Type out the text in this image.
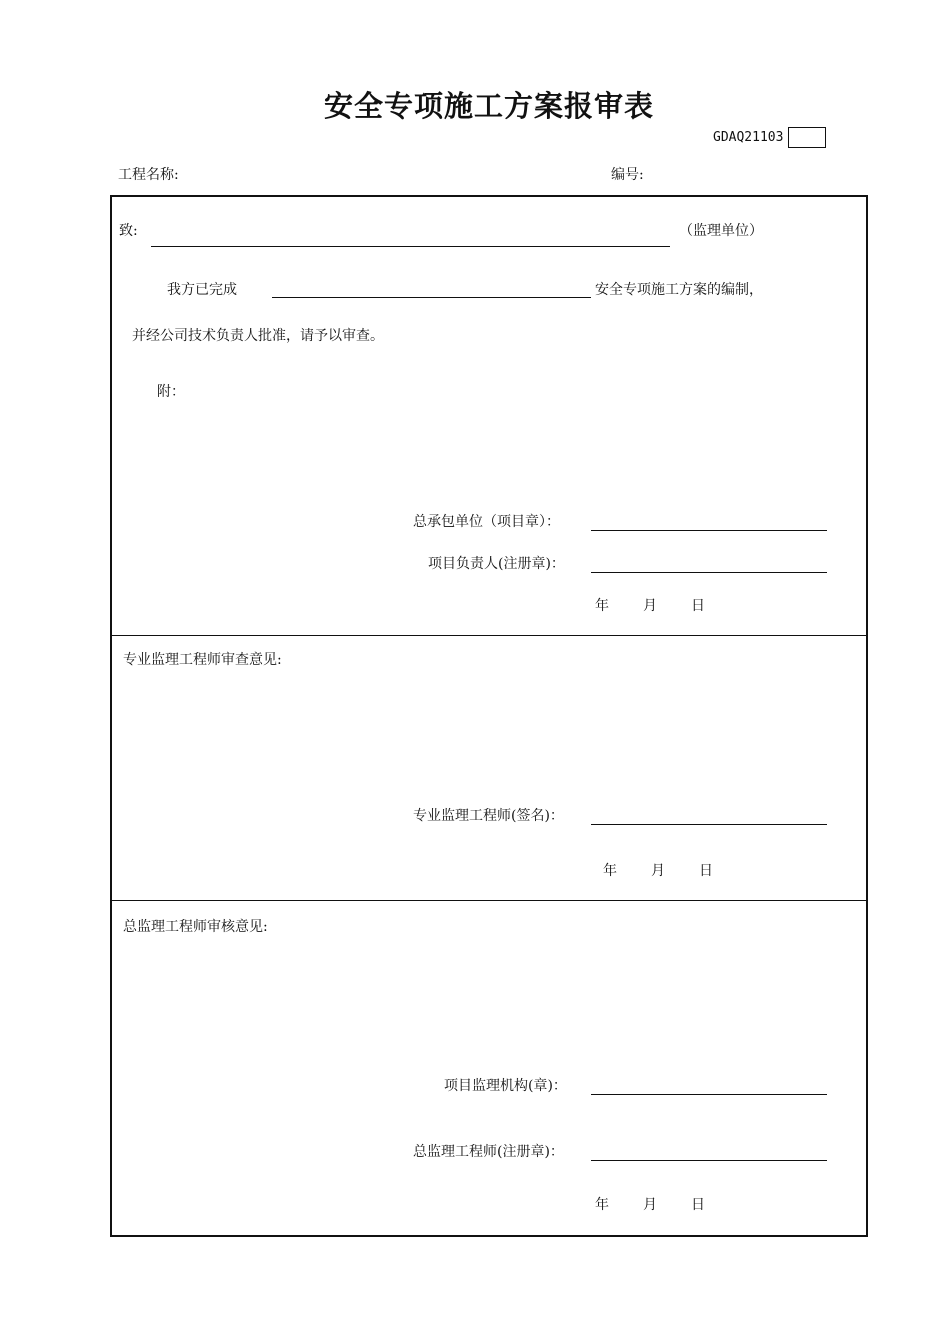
安全专项施工方案报审表
GDAQ21103
工程名称:	编号:
致:	（监理单位）
我方已完成	安全专项施工方案的编制，
并经公司技术负责人批准，请予以审查。
附：
总承包单位（项目章）：
项目负责人(注册章)：
年 月 日
专业监理工程师审查意见:
专业监理工程师(签名)：
年 月 日
总监理工程师审核意见:
项目监理机构(章)：
总监理工程师(注册章)：
年 月 日
